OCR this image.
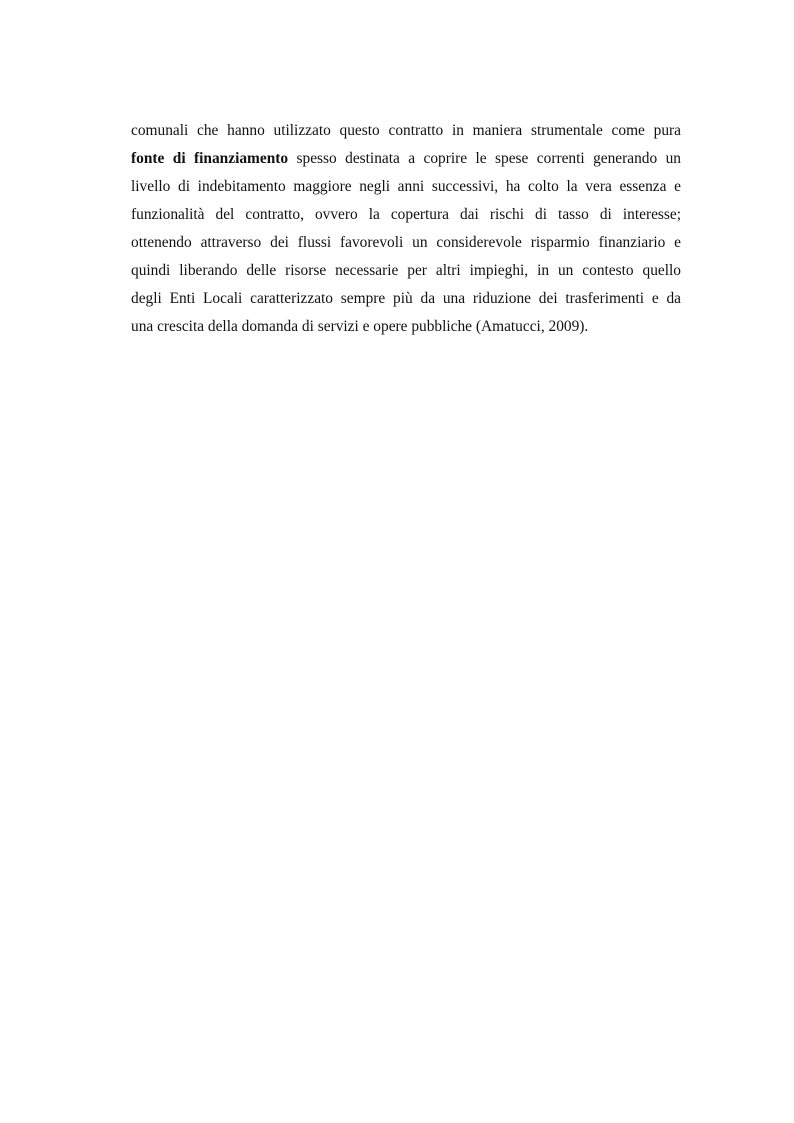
comunali che hanno utilizzato questo contratto in maniera strumentale come pura
fonte di finanziamento spesso destinata a coprire le spese correnti generando un
livello di indebitamento maggiore negli anni successivi, ha colto la vera essenza e
funzionalità del contratto, ovvero la copertura dai rischi di tasso di interesse;
ottenendo attraverso dei flussi favorevoli un considerevole risparmio finanziario e
quindi liberando delle risorse necessarie per altri impieghi, in un contesto quello
degli Enti Locali caratterizzato sempre più da una riduzione dei trasferimenti e da
una crescita della domanda di servizi e opere pubbliche (Amatucci, 2009).
